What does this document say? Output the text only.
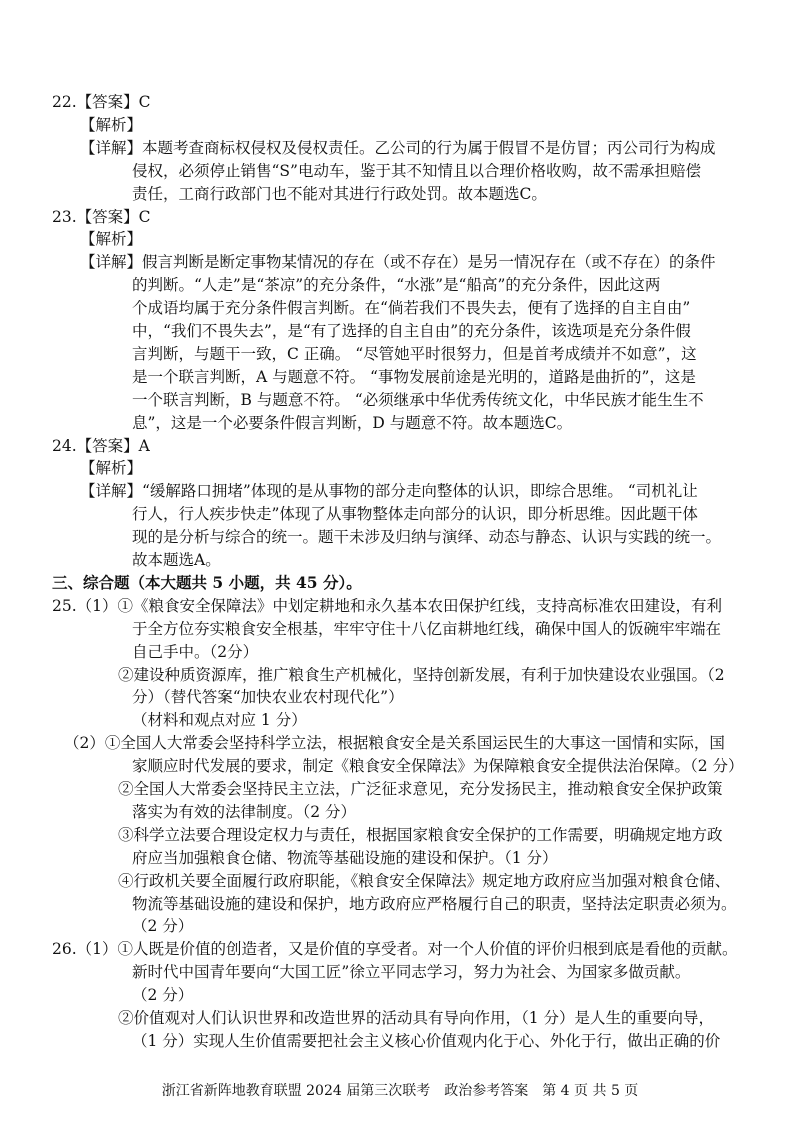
22.【答案】C
【解析】
【详解】本题考查商标权侵权及侵权责任。乙公司的行为属于假冒不是仿冒；丙公司行为构成
侵权，必须停止销售“S”电动车，鉴于其不知情且以合理价格收购，故不需承担赔偿
责任，工商行政部门也不能对其进行行政处罚。故本题选C。
23.【答案】C
【解析】
【详解】假言判断是断定事物某情况的存在（或不存在）是另一情况存在（或不存在）的条件
的判断。“人走”是“茶凉”的充分条件，“水涨”是“船高”的充分条件，因此这两
个成语均属于充分条件假言判断。在“倘若我们不畏失去，便有了选择的自主自由”
中，“我们不畏失去”，是“有了选择的自主自由”的充分条件，该选项是充分条件假
言判断，与题干一致，C 正确。 “尽管她平时很努力，但是首考成绩并不如意”，这
是一个联言判断，A 与题意不符。 “事物发展前途是光明的，道路是曲折的”，这是
一个联言判断，B 与题意不符。 “必须继承中华优秀传统文化，中华民族才能生生不
息”，这是一个必要条件假言判断，D 与题意不符。故本题选C。
24.【答案】A
【解析】
【详解】“缓解路口拥堵”体现的是从事物的部分走向整体的认识，即综合思维。 “司机礼让
行人，行人疾步快走”体现了从事物整体走向部分的认识，即分析思维。因此题干体
现的是分析与综合的统一。题干未涉及归纳与演绎、动态与静态、认识与实践的统一。
故本题选A。
三、综合题（本大题共 5 小题，共 45 分）。
25.（1）①《粮食安全保障法》中划定耕地和永久基本农田保护红线，支持高标准农田建设，有利
于全方位夯实粮食安全根基，牢牢守住十八亿亩耕地红线，确保中国人的饭碗牢牢端在
自己手中。（2分）
②建设种质资源库，推广粮食生产机械化，坚持创新发展，有利于加快建设农业强国。（2
分）（替代答案“加快农业农村现代化”）
（材料和观点对应 1 分）
（2）①全国人大常委会坚持科学立法，根据粮食安全是关系国运民生的大事这一国情和实际，国
家顺应时代发展的要求，制定《粮食安全保障法》为保障粮食安全提供法治保障。（2 分）
②全国人大常委会坚持民主立法，广泛征求意见，充分发扬民主，推动粮食安全保护政策
落实为有效的法律制度。（2 分）
③科学立法要合理设定权力与责任，根据国家粮食安全保护的工作需要，明确规定地方政
府应当加强粮食仓储、物流等基础设施的建设和保护。（1 分）
④行政机关要全面履行政府职能，《粮食安全保障法》规定地方政府应当加强对粮食仓储、
物流等基础设施的建设和保护，地方政府应严格履行自己的职责，坚持法定职责必须为。
（2 分）
浙江省新阵地教育联盟 2024 届第三次联考　政治参考答案　第 4 页 共 5 页
26.（1）①人既是价值的创造者，又是价值的享受者。对一个人价值的评价归根到底是看他的贡献。
新时代中国青年要向“大国工匠”徐立平同志学习，努力为社会、为国家多做贡献。
（2 分）
②价值观对人们认识世界和改造世界的活动具有导向作用，（1 分）是人生的重要向导，
（1 分）实现人生价值需要把社会主义核心价值观内化于心、外化于行，做出正确的价
